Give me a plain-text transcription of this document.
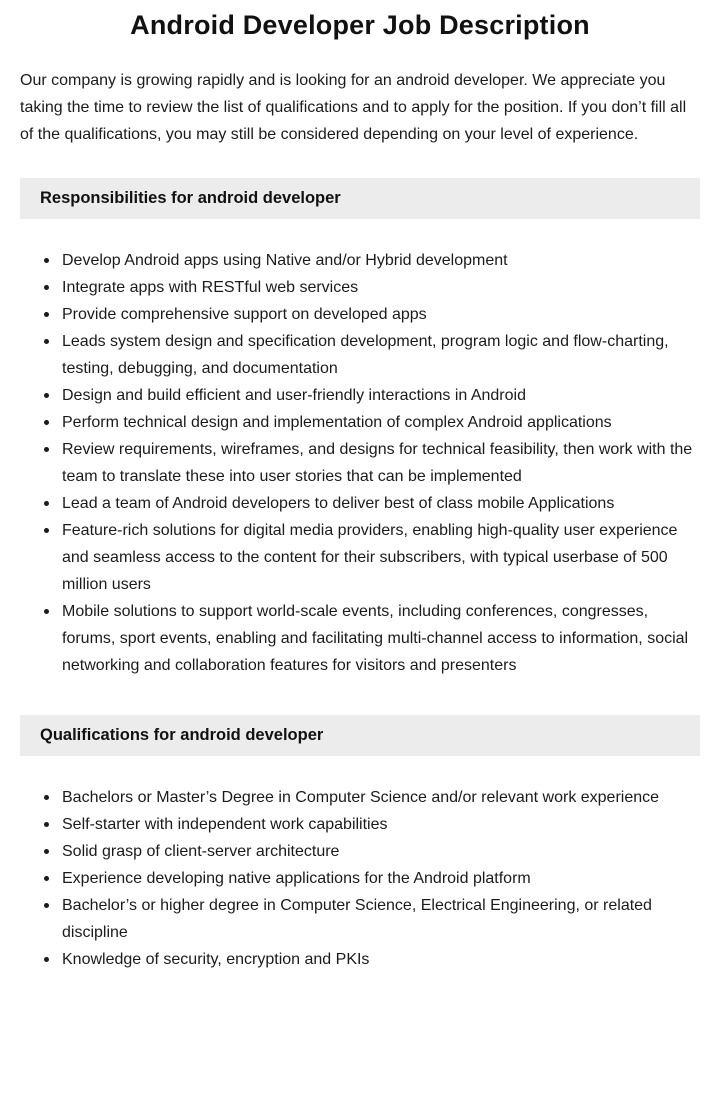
Android Developer Job Description

Our company is growing rapidly and is looking for an android developer. We appreciate you taking the time to review the list of qualifications and to apply for the position. If you don’t fill all of the qualifications, you may still be considered depending on your level of experience.

Responsibilities for android developer
Develop Android apps using Native and/or Hybrid development
Integrate apps with RESTful web services
Provide comprehensive support on developed apps
Leads system design and specification development, program logic and flow-charting, testing, debugging, and documentation
Design and build efficient and user-friendly interactions in Android
Perform technical design and implementation of complex Android applications
Review requirements, wireframes, and designs for technical feasibility, then work with the team to translate these into user stories that can be implemented
Lead a team of Android developers to deliver best of class mobile Applications
Feature-rich solutions for digital media providers, enabling high-quality user experience and seamless access to the content for their subscribers, with typical userbase of 500 million users
Mobile solutions to support world-scale events, including conferences, congresses, forums, sport events, enabling and facilitating multi-channel access to information, social networking and collaboration features for visitors and presenters
Qualifications for android developer
Bachelors or Master’s Degree in Computer Science and/or relevant work experience
Self-starter with independent work capabilities
Solid grasp of client-server architecture
Experience developing native applications for the Android platform
Bachelor’s or higher degree in Computer Science, Electrical Engineering, or related discipline
Knowledge of security, encryption and PKIs
